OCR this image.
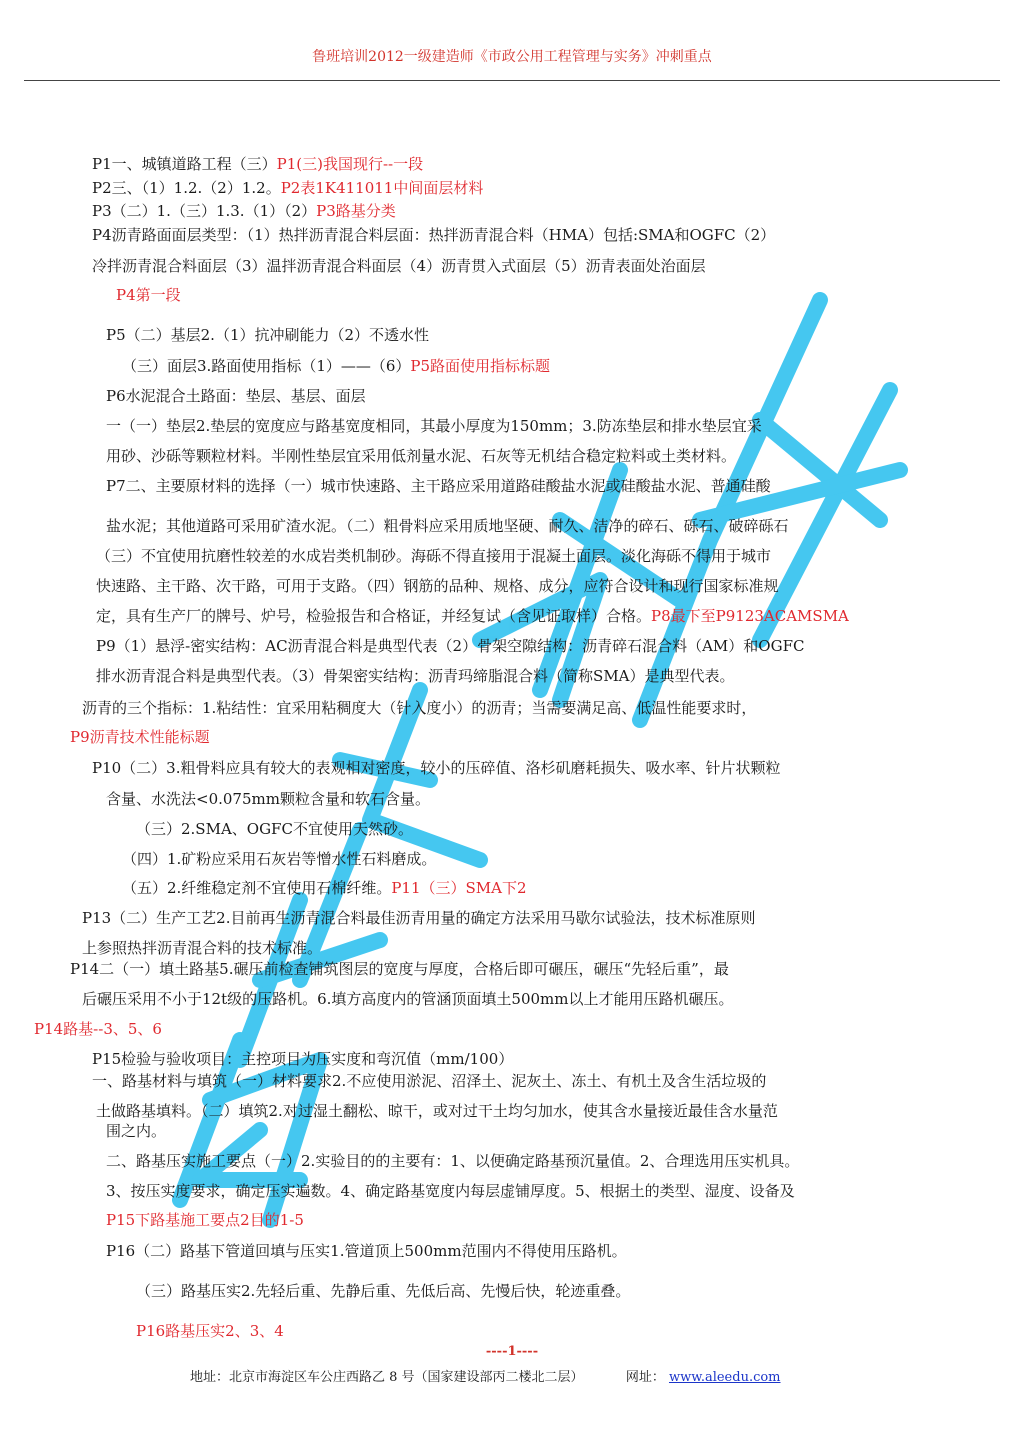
鲁班培训2012一级建造师《市政公用工程管理与实务》冲刺重点
P1一、城镇道路工程（三）P1(三)我国现行--一段
P2三、（1）1.2.（2）1.2。P2表1K411011中间面层材料
P3（二）1.（三）1.3.（1）（2）P3路基分类
P4沥青路面面层类型：（1）热拌沥青混合料层面：热拌沥青混合料（HMA）包括:SMA和OGFC（2）
冷拌沥青混合料面层（3）温拌沥青混合料面层（4）沥青贯入式面层（5）沥青表面处治面层
P4第一段
P5（二）基层2.（1）抗冲刷能力（2）不透水性
（三）面层3.路面使用指标（1）——（6）P5路面使用指标标题
P6水泥混合土路面：垫层、基层、面层
一（一）垫层2.垫层的宽度应与路基宽度相同，其最小厚度为150mm；3.防冻垫层和排水垫层宜采
用砂、沙砾等颗粒材料。半刚性垫层宜采用低剂量水泥、石灰等无机结合稳定粒料或土类材料。
P7二、主要原材料的选择（一）城市快速路、主干路应采用道路硅酸盐水泥或硅酸盐水泥、普通硅酸
盐水泥；其他道路可采用矿渣水泥。（二）粗骨料应采用质地坚硬、耐久、洁净的碎石、砾石、破碎砾石
（三）不宜使用抗磨性较差的水成岩类机制砂。海砾不得直接用于混凝土面层。淡化海砾不得用于城市
快速路、主干路、次干路，可用于支路。（四）钢筋的品种、规格、成分，应符合设计和现行国家标准规
定，具有生产厂的牌号、炉号，检验报告和合格证，并经复试（含见证取样）合格。P8最下至P9123ACAMSMA
P9（1）悬浮-密实结构：AC沥青混合料是典型代表（2）骨架空隙结构：沥青碎石混合料（AM）和OGFC
排水沥青混合料是典型代表。（3）骨架密实结构：沥青玛缔脂混合料（简称SMA）是典型代表。
沥青的三个指标：1.粘结性：宜采用粘稠度大（针入度小）的沥青；当需要满足高、低温性能要求时，
P9沥青技术性能标题
P10（二）3.粗骨料应具有较大的表观相对密度，较小的压碎值、洛杉矶磨耗损失、吸水率、针片状颗粒
含量、水洗法<0.075mm颗粒含量和软石含量。
（三）2.SMA、OGFC不宜使用天然砂。
（四）1.矿粉应采用石灰岩等憎水性石料磨成。
（五）2.纤维稳定剂不宜使用石棉纤维。P11（三）SMA下2
P13（二）生产工艺2.目前再生沥青混合料最佳沥青用量的确定方法采用马歇尔试验法，技术标准原则
上参照热拌沥青混合料的技术标准。
P14二（一）填土路基5.碾压前检查铺筑图层的宽度与厚度，合格后即可碾压，碾压“先轻后重”，最
后碾压采用不小于12t级的压路机。6.填方高度内的管涵顶面填土500mm以上才能用压路机碾压。
P14路基--3、5、6
P15检验与验收项目：主控项目为压实度和弯沉值（mm/100）
一、路基材料与填筑（一）材料要求2.不应使用淤泥、沼泽土、泥灰土、冻土、有机土及含生活垃圾的
土做路基填料。（二）填筑2.对过湿土翻松、晾干，或对过干土均匀加水，使其含水量接近最佳含水量范
围之内。
二、路基压实施工要点（一）2.实验目的的主要有：1、以便确定路基预沉量值。2、合理选用压实机具。
3、按压实度要求，确定压实遍数。4、确定路基宽度内每层虚铺厚度。5、根据土的类型、湿度、设备及
P15下路基施工要点2目的1-5
P16（二）路基下管道回填与压实1.管道顶上500mm范围内不得使用压路机。
（三）路基压实2.先轻后重、先静后重、先低后高、先慢后快，轮迹重叠。
P16路基压实2、3、4
----1----
地址：北京市海淀区车公庄西路乙 8 号（国家建设部丙二楼北二层）	网址： www.aleedu.com
